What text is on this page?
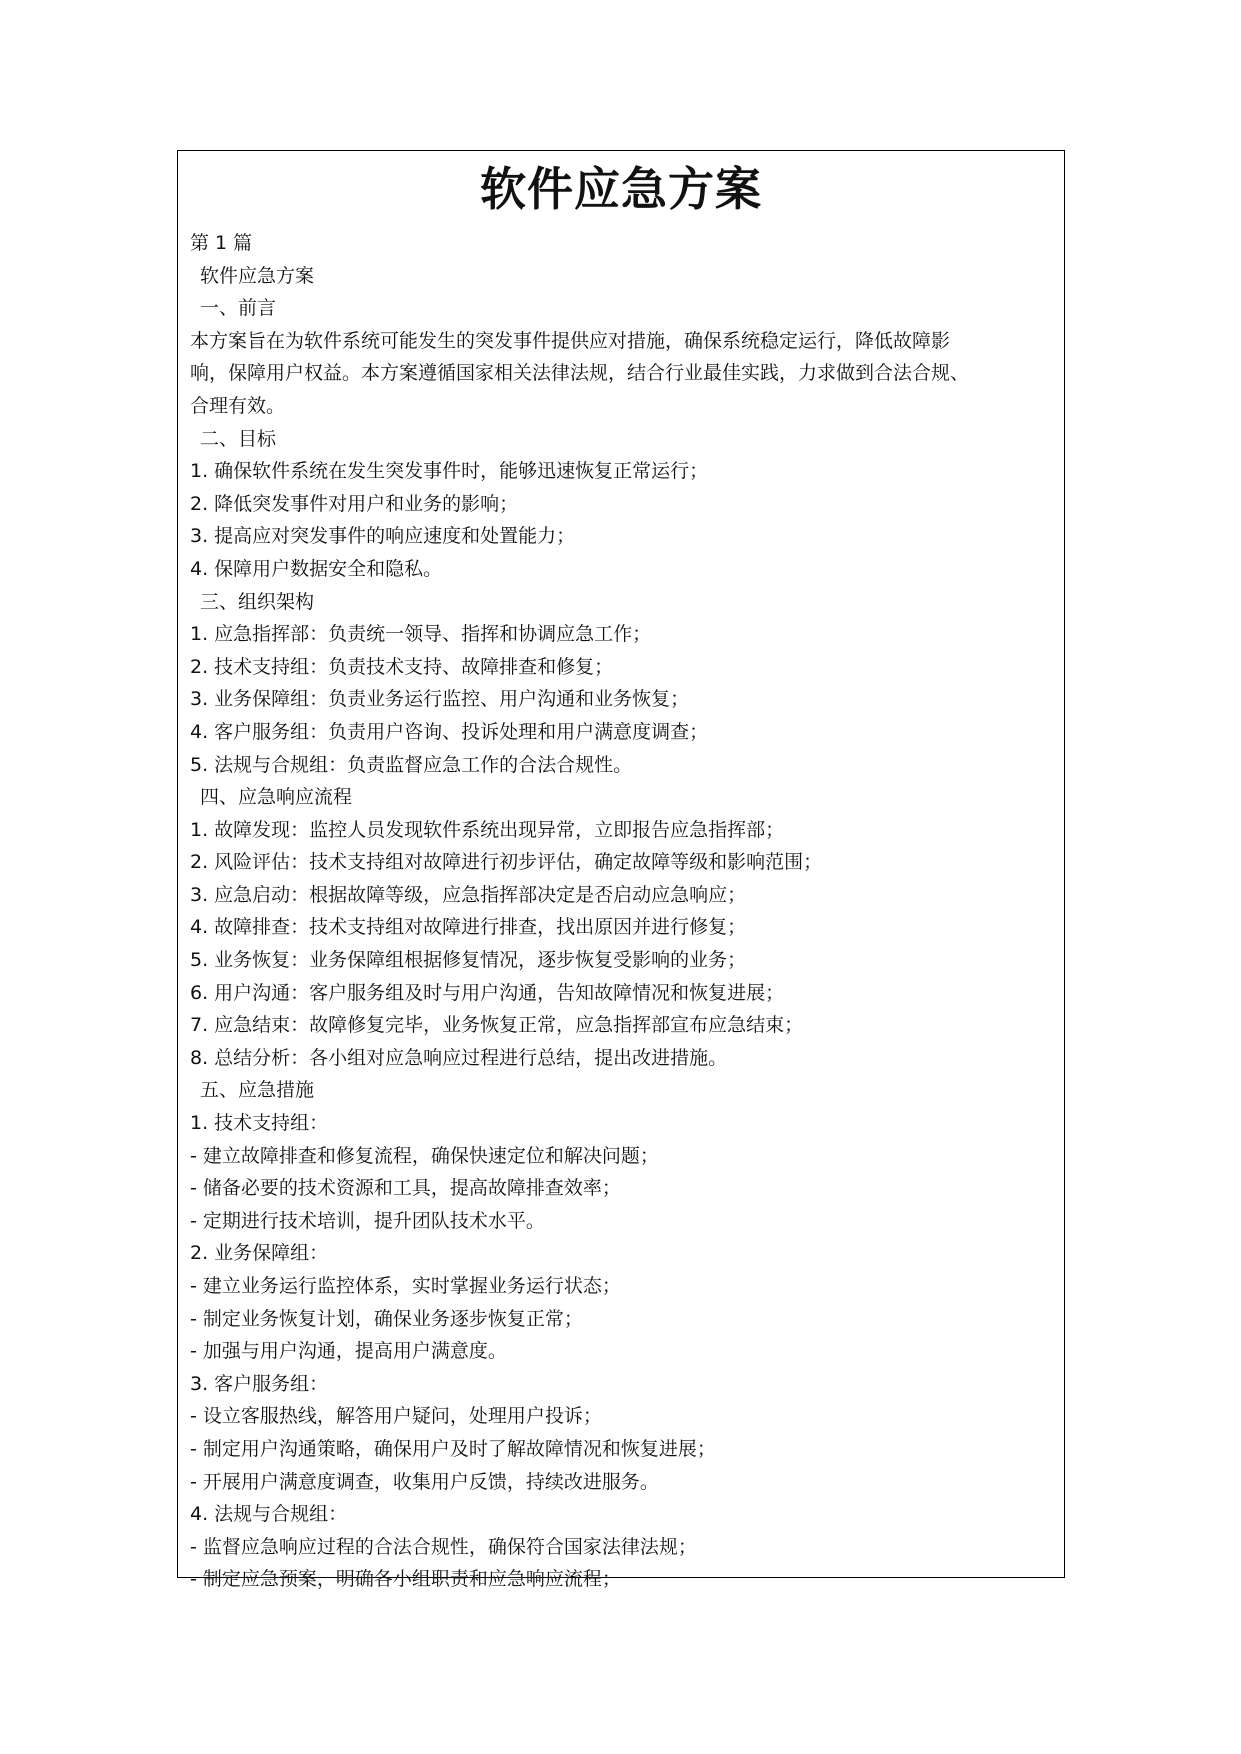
软件应急方案
第 1 篇
软件应急方案
一、前言
本方案旨在为软件系统可能发生的突发事件提供应对措施，确保系统稳定运行，降低故障影
响，保障用户权益。本方案遵循国家相关法律法规，结合行业最佳实践，力求做到合法合规、
合理有效。
二、目标
1. 确保软件系统在发生突发事件时，能够迅速恢复正常运行；
2. 降低突发事件对用户和业务的影响；
3. 提高应对突发事件的响应速度和处置能力；
4. 保障用户数据安全和隐私。
三、组织架构
1. 应急指挥部：负责统一领导、指挥和协调应急工作；
2. 技术支持组：负责技术支持、故障排查和修复；
3. 业务保障组：负责业务运行监控、用户沟通和业务恢复；
4. 客户服务组：负责用户咨询、投诉处理和用户满意度调查；
5. 法规与合规组：负责监督应急工作的合法合规性。
四、应急响应流程
1. 故障发现：监控人员发现软件系统出现异常，立即报告应急指挥部；
2. 风险评估：技术支持组对故障进行初步评估，确定故障等级和影响范围；
3. 应急启动：根据故障等级，应急指挥部决定是否启动应急响应；
4. 故障排查：技术支持组对故障进行排查，找出原因并进行修复；
5. 业务恢复：业务保障组根据修复情况，逐步恢复受影响的业务；
6. 用户沟通：客户服务组及时与用户沟通，告知故障情况和恢复进展；
7. 应急结束：故障修复完毕，业务恢复正常，应急指挥部宣布应急结束；
8. 总结分析：各小组对应急响应过程进行总结，提出改进措施。
五、应急措施
1. 技术支持组：
- 建立故障排查和修复流程，确保快速定位和解决问题；
- 储备必要的技术资源和工具，提高故障排查效率；
- 定期进行技术培训，提升团队技术水平。
2. 业务保障组：
- 建立业务运行监控体系，实时掌握业务运行状态；
- 制定业务恢复计划，确保业务逐步恢复正常；
- 加强与用户沟通，提高用户满意度。
3. 客户服务组：
- 设立客服热线，解答用户疑问，处理用户投诉；
- 制定用户沟通策略，确保用户及时了解故障情况和恢复进展；
- 开展用户满意度调查，收集用户反馈，持续改进服务。
4. 法规与合规组：
- 监督应急响应过程的合法合规性，确保符合国家法律法规；
- 制定应急预案，明确各小组职责和应急响应流程；
